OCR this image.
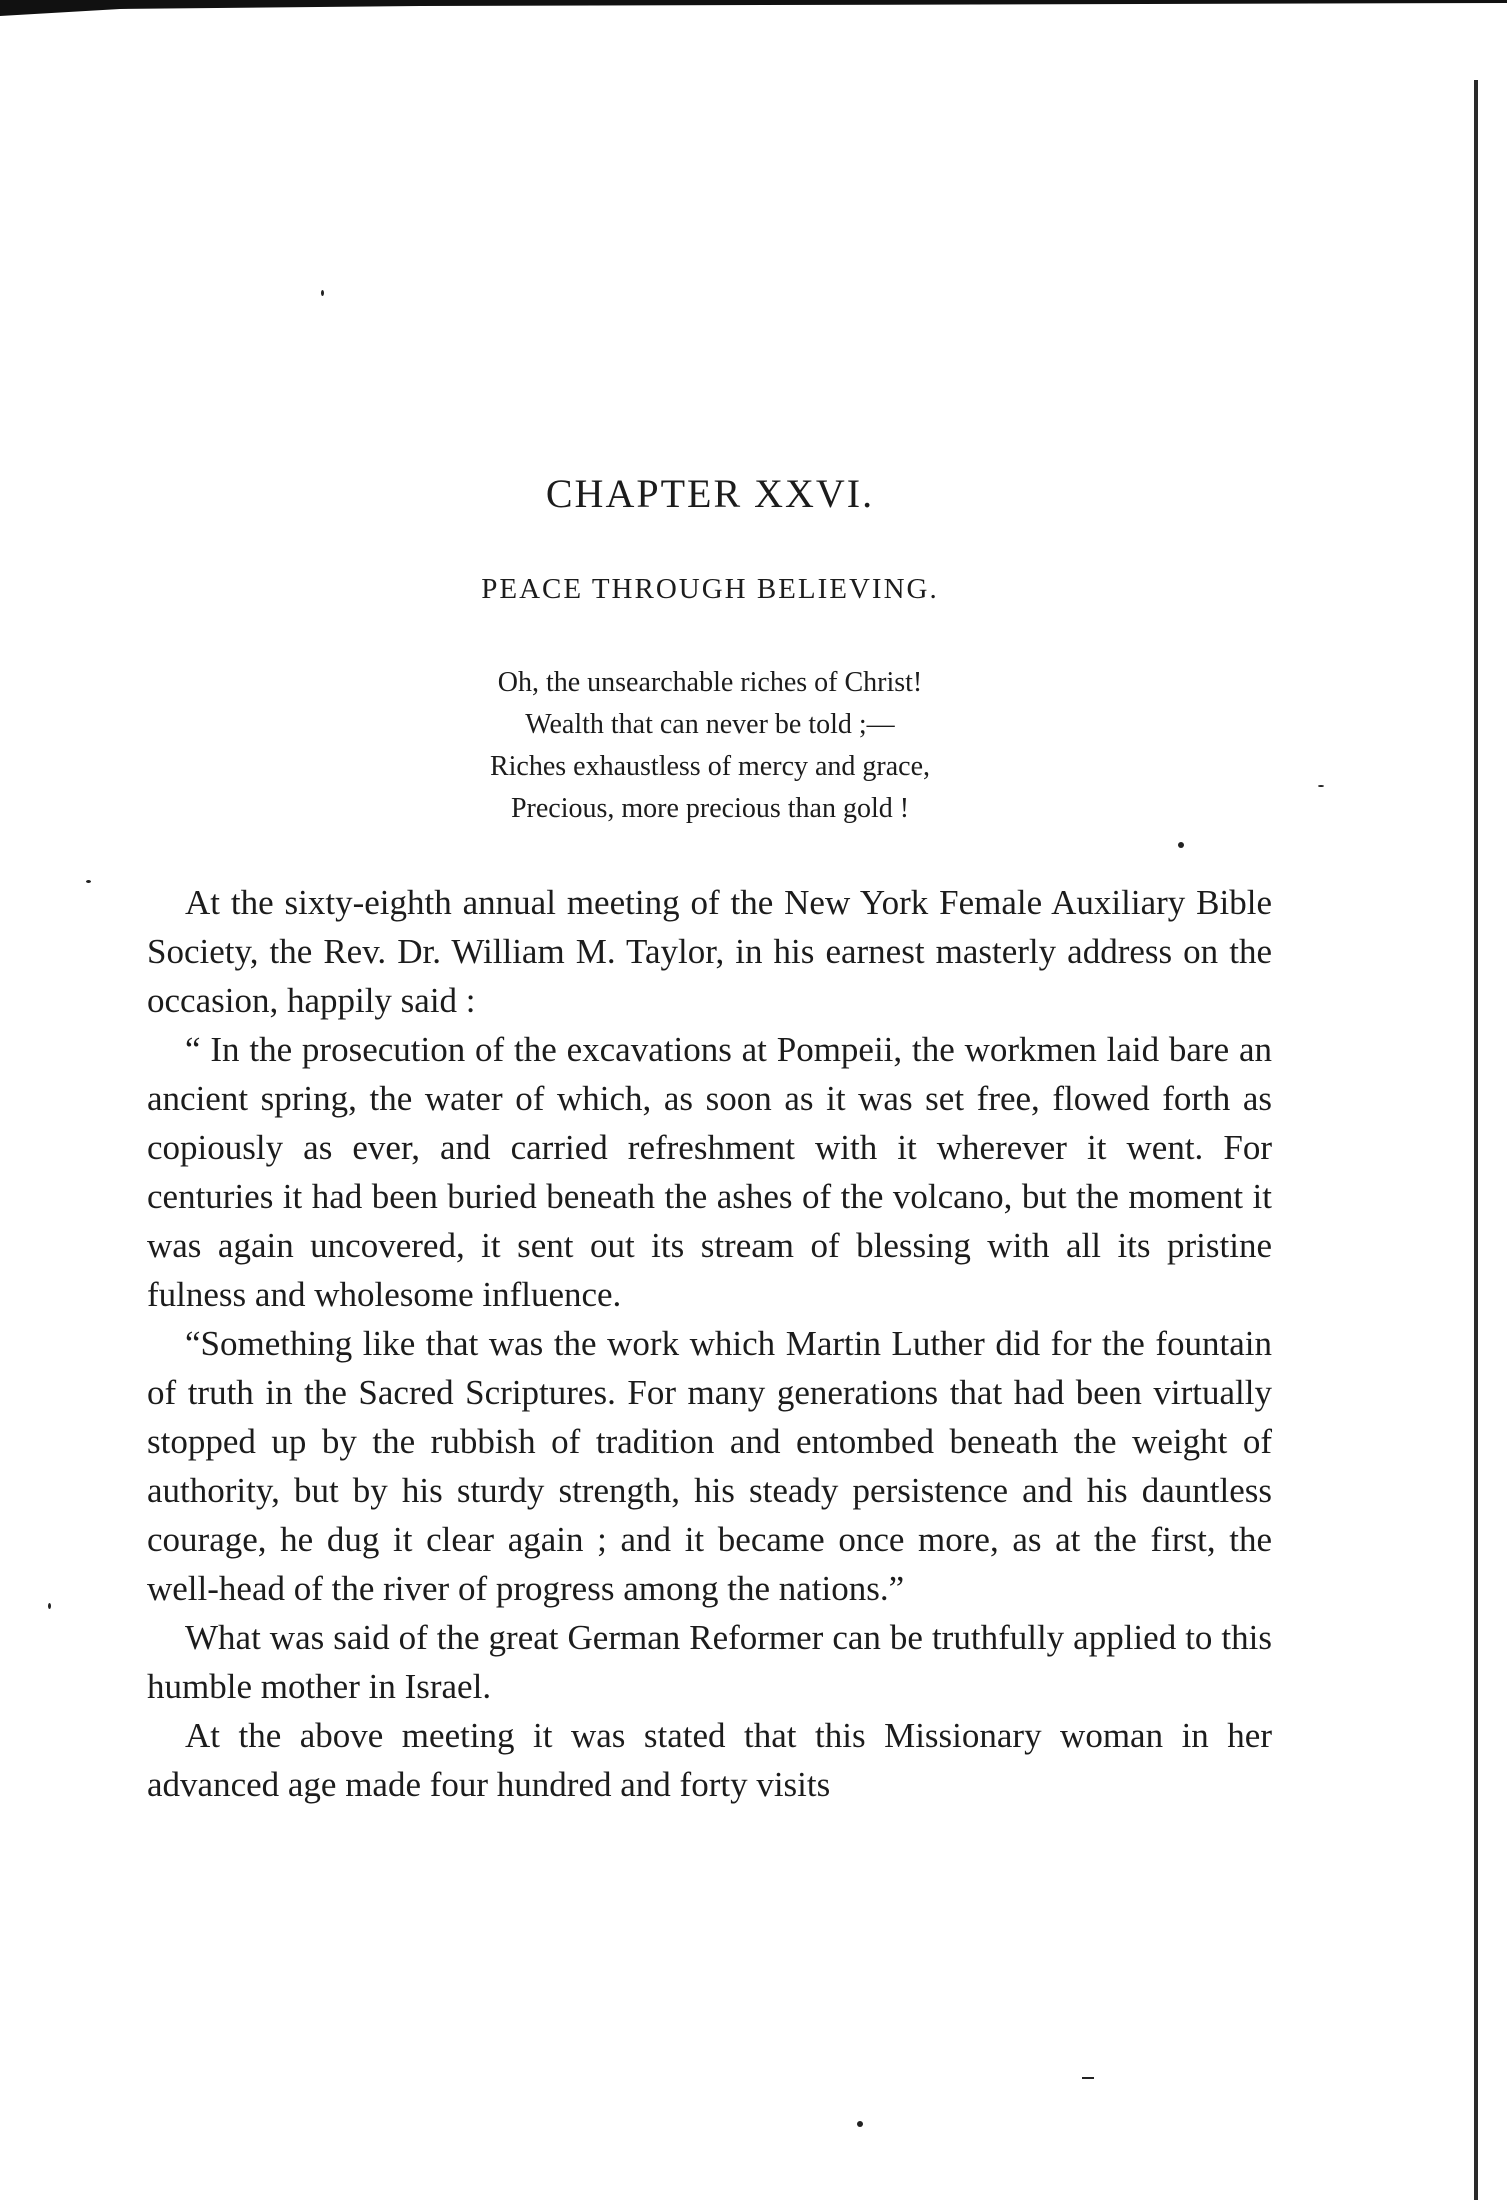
CHAPTER XXVI.
PEACE THROUGH BELIEVING.
Oh, the unsearchable riches of Christ!
Wealth that can never be told ;—
Riches exhaustless of mercy and grace,
Precious, more precious than gold !

At the sixty-eighth annual meeting of the New York Female Auxiliary Bible Society, the Rev. Dr. William M. Taylor, in his earnest masterly address on the occasion, happily said :

“ In the prosecution of the excavations at Pompeii, the workmen laid bare an ancient spring, the water of which, as soon as it was set free, flowed forth as copiously as ever, and carried refreshment with it wherever it went. For centuries it had been buried beneath the ashes of the volcano, but the moment it was again uncovered, it sent out its stream of blessing with all its pristine fulness and wholesome influence.

“Something like that was the work which Martin Luther did for the fountain of truth in the Sacred Scriptures. For many generations that had been virtually stopped up by the rubbish of tradition and entombed beneath the weight of authority, but by his sturdy strength, his steady persistence and his dauntless courage, he dug it clear again ; and it became once more, as at the first, the well-head of the river of progress among the nations.”

What was said of the great German Reformer can be truthfully applied to this humble mother in Israel.

At the above meeting it was stated that this Missionary woman in her advanced age made four hundred and forty visits
